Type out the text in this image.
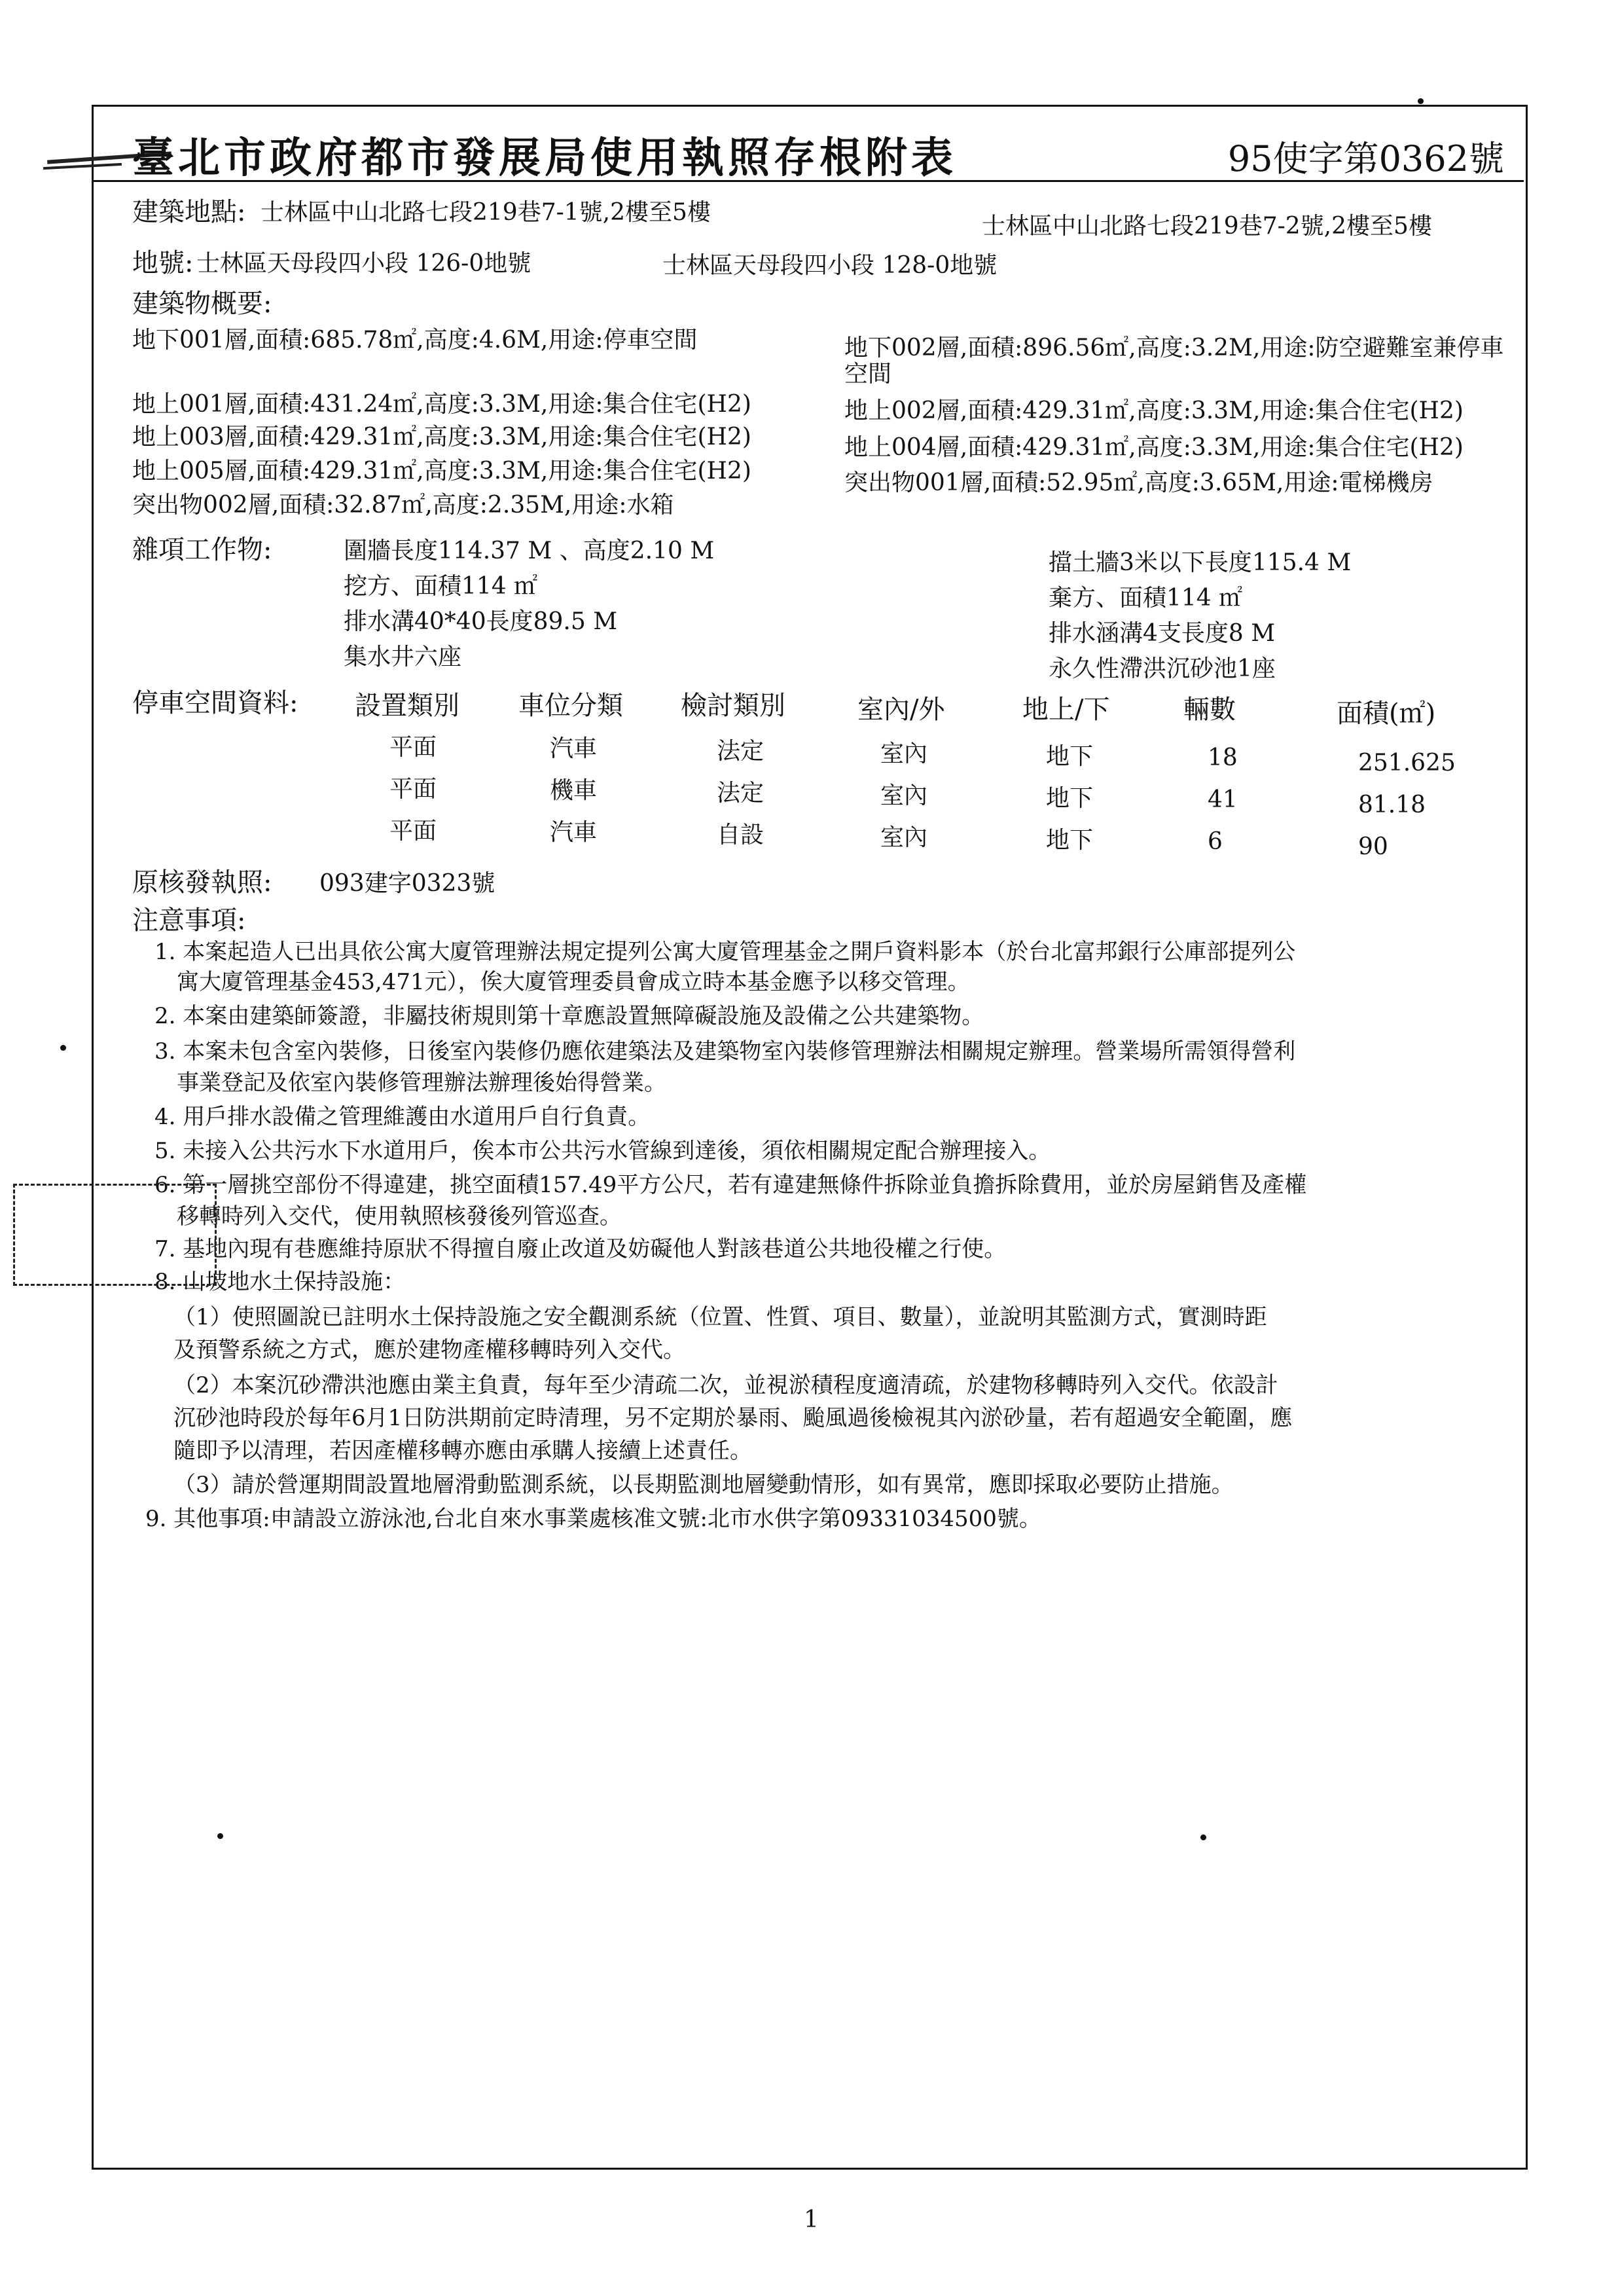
臺北市政府都市發展局使用執照存根附表	95使字第0362號
建築地點: 士林區中山北路七段219巷7-1號,2樓至5樓
士林區中山北路七段219巷7-2號,2樓至5樓
地號: 士林區天母段四小段 126-0地號	士林區天母段四小段 128-0地號
建築物概要:
地下001層,面積:685.78㎡,高度:4.6M,用途:停車空間
地上001層,面積:431.24㎡,高度:3.3M,用途:集合住宅(H2)
地上003層,面積:429.31㎡,高度:3.3M,用途:集合住宅(H2)
地上005層,面積:429.31㎡,高度:3.3M,用途:集合住宅(H2)
突出物002層,面積:32.87㎡,高度:2.35M,用途:水箱
地下002層,面積:896.56㎡,高度:3.2M,用途:防空避難室兼停車
空間
地上002層,面積:429.31㎡,高度:3.3M,用途:集合住宅(H2)
地上004層,面積:429.31㎡,高度:3.3M,用途:集合住宅(H2)
突出物001層,面積:52.95㎡,高度:3.65M,用途:電梯機房
雜項工作物:	圍牆長度114.37 M 、高度2.10 M
挖方、面積114 ㎡
排水溝40*40長度89.5 M
集水井六座
擋土牆3米以下長度115.4 M
棄方、面積114 ㎡
排水涵溝4支長度8 M
永久性滯洪沉砂池1座
停車空間資料: 設置類別 車位分類 檢討類別	室內/外	地上/下	輛數	面積(㎡)
平面	汽車	法定	室內	地下	18	251.625
平面	機車	法定	室內	地下	41	81.18
平面	汽車	自設	室內	地下	6	90
原核發執照: 093建字0323號
注意事項:
1. 本案起造人已出具依公寓大廈管理辦法規定提列公寓大廈管理基金之開戶資料影本（於台北富邦銀行公庫部提列公
寓大廈管理基金453,471元），俟大廈管理委員會成立時本基金應予以移交管理。
2. 本案由建築師簽證，非屬技術規則第十章應設置無障礙設施及設備之公共建築物。
3. 本案未包含室內裝修，日後室內裝修仍應依建築法及建築物室內裝修管理辦法相關規定辦理。營業場所需領得營利
事業登記及依室內裝修管理辦法辦理後始得營業。
4. 用戶排水設備之管理維護由水道用戶自行負責。
5. 未接入公共污水下水道用戶，俟本市公共污水管線到達後，須依相關規定配合辦理接入。
6. 第一層挑空部份不得違建，挑空面積157.49平方公尺，若有違建無條件拆除並負擔拆除費用，並於房屋銷售及產權
移轉時列入交代，使用執照核發後列管巡查。
7. 基地內現有巷應維持原狀不得擅自廢止改道及妨礙他人對該巷道公共地役權之行使。
8. 山坡地水土保持設施：
（1）使照圖說已註明水土保持設施之安全觀測系統（位置、性質、項目、數量），並說明其監測方式，實測時距
及預警系統之方式，應於建物產權移轉時列入交代。
（2）本案沉砂滯洪池應由業主負責，每年至少清疏二次，並視淤積程度適清疏，於建物移轉時列入交代。依設計
沉砂池時段於每年6月1日防洪期前定時清理，另不定期於暴雨、颱風過後檢視其內淤砂量，若有超過安全範圍，應
隨即予以清理，若因產權移轉亦應由承購人接續上述責任。
（3）請於營運期間設置地層滑動監測系統，以長期監測地層變動情形，如有異常，應即採取必要防止措施。
9. 其他事項:申請設立游泳池,台北自來水事業處核准文號:北市水供字第09331034500號。
1
